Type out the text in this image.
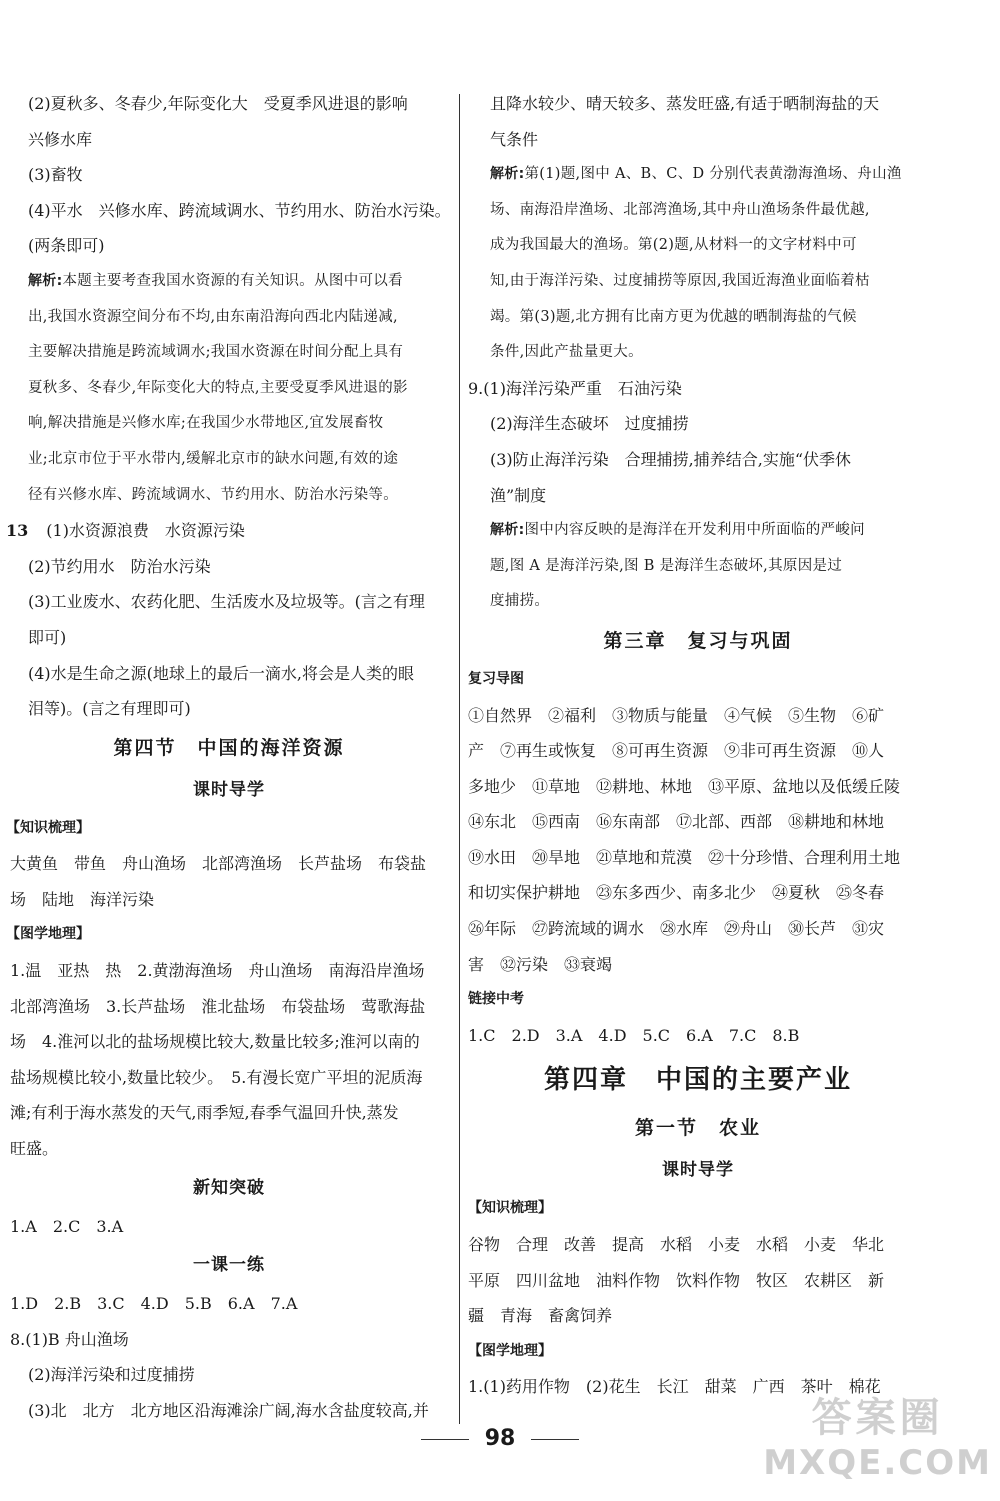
(2)夏秋多、冬春少,年际变化大　受夏季风进退的影响
兴修水库
(3)畜牧
(4)平水　兴修水库、跨流域调水、节约用水、防治水污染。
(两条即可)
解析:本题主要考查我国水资源的有关知识。从图中可以看
出,我国水资源空间分布不均,由东南沿海向西北内陆递减,
主要解决措施是跨流域调水;我国水资源在时间分配上具有
夏秋多、冬春少,年际变化大的特点,主要受夏季风进退的影
响,解决措施是兴修水库;在我国少水带地区,宜发展畜牧
业;北京市位于平水带内,缓解北京市的缺水问题,有效的途
径有兴修水库、跨流域调水、节约用水、防治水污染等。
13 (1)水资源浪费　水资源污染
(2)节约用水　防治水污染
(3)工业废水、农药化肥、生活废水及垃圾等。(言之有理
即可)
(4)水是生命之源(地球上的最后一滴水,将会是人类的眼
泪等)。(言之有理即可)
第四节　中国的海洋资源
课时导学
【知识梳理】
大黄鱼　带鱼　舟山渔场　北部湾渔场　长芦盐场　布袋盐
场　陆地　海洋污染
【图学地理】
1.温　亚热　热　2.黄渤海渔场　舟山渔场　南海沿岸渔场
北部湾渔场　3.长芦盐场　淮北盐场　布袋盐场　莺歌海盐
场　4.淮河以北的盐场规模比较大,数量比较多;淮河以南的
盐场规模比较小,数量比较少。　5.有漫长宽广平坦的泥质海
滩;有利于海水蒸发的天气,雨季短,春季气温回升快,蒸发
旺盛。
新知突破
1.A　2.C　3.A
一课一练
1.D　2.B　3.C　4.D　5.B　6.A　7.A
8.(1)B 舟山渔场
(2)海洋污染和过度捕捞
(3)北　北方　北方地区沿海滩涂广阔,海水含盐度较高,并
且降水较少、晴天较多、蒸发旺盛,有适于晒制海盐的天
气条件
解析:第(1)题,图中 A、B、C、D 分别代表黄渤海渔场、舟山渔
场、南海沿岸渔场、北部湾渔场,其中舟山渔场条件最优越,
成为我国最大的渔场。第(2)题,从材料一的文字材料中可
知,由于海洋污染、过度捕捞等原因,我国近海渔业面临着枯
竭。第(3)题,北方拥有比南方更为优越的晒制海盐的气候
条件,因此产盐量更大。
9.(1)海洋污染严重　石油污染
(2)海洋生态破坏　过度捕捞
(3)防止海洋污染　合理捕捞,捕养结合,实施“伏季休
渔”制度
解析:图中内容反映的是海洋在开发利用中所面临的严峻问
题,图 A 是海洋污染,图 B 是海洋生态破坏,其原因是过
度捕捞。
第三章　复习与巩固
复习导图
①自然界　②福利　③物质与能量　④气候　⑤生物　⑥矿
产　⑦再生或恢复　⑧可再生资源　⑨非可再生资源　⑩人
多地少　⑪草地　⑫耕地、林地　⑬平原、盆地以及低缓丘陵
⑭东北　⑮西南　⑯东南部　⑰北部、西部　⑱耕地和林地
⑲水田　⑳旱地　㉑草地和荒漠　㉒十分珍惜、合理利用土地
和切实保护耕地　㉓东多西少、南多北少　㉔夏秋　㉕冬春
㉖年际　㉗跨流域的调水　㉘水库　㉙舟山　㉚长芦　㉛灾
害　㉜污染　㉝衰竭
链接中考
1.C　2.D　3.A　4.D　5.C　6.A　7.C　8.B
第四章　中国的主要产业
第一节　农业
课时导学
【知识梳理】
谷物　合理　改善　提高　水稻　小麦　水稻　小麦　华北
平原　四川盆地　油料作物　饮料作物　牧区　农耕区　新
疆　青海　畜禽饲养
【图学地理】
1.(1)药用作物　(2)花生　长江　甜菜　广西　茶叶　棉花
98	答案圈
MXQE.COM
